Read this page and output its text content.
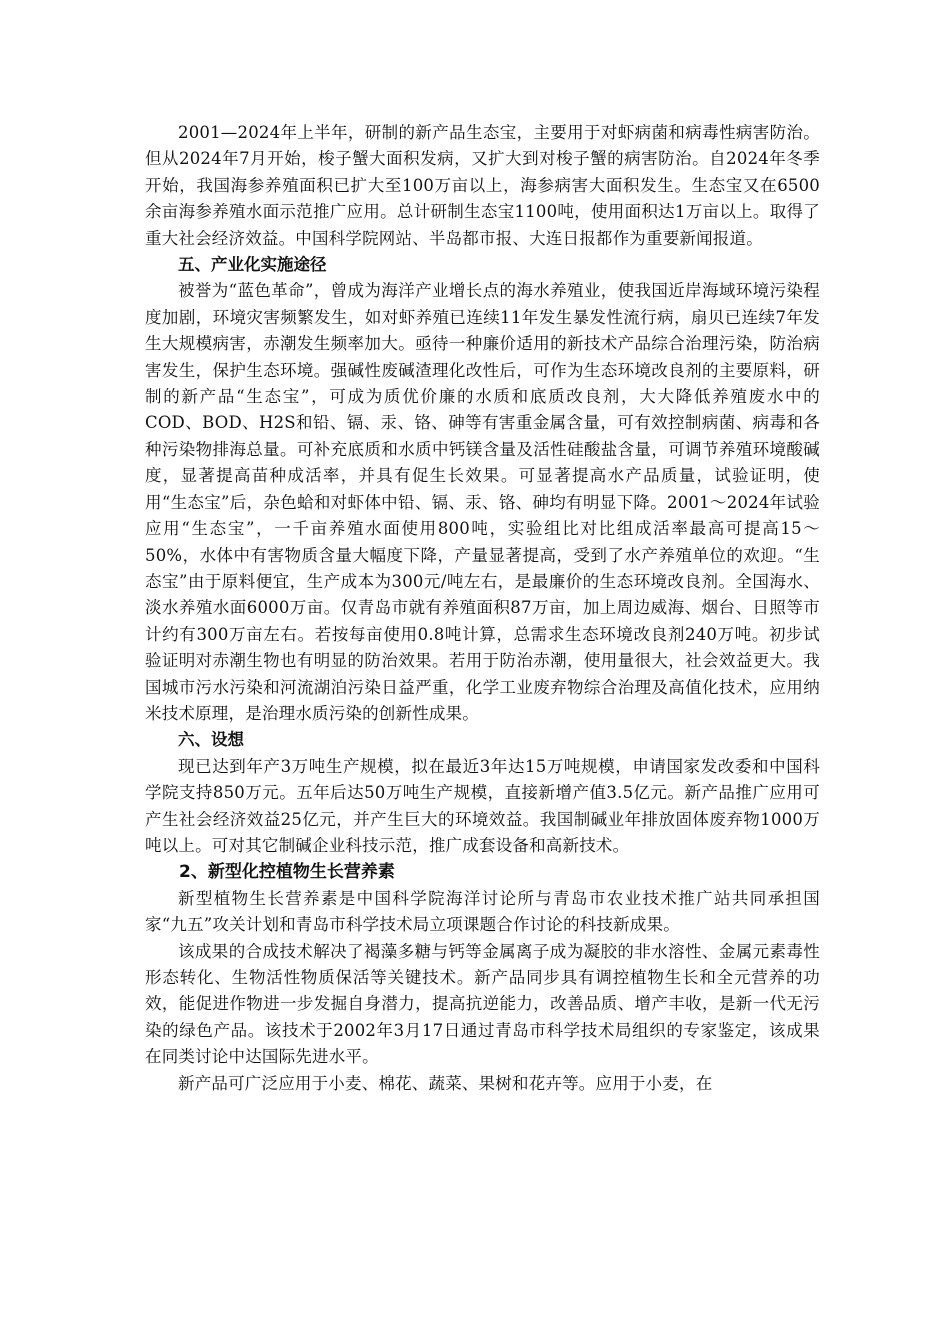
2001—2024年上半年，研制的新产品生态宝，主要用于对虾病菌和病毒性病害防治。但从2024年7月开始，梭子蟹大面积发病，又扩大到对梭子蟹的病害防治。自2024年冬季开始，我国海参养殖面积已扩大至100万亩以上，海参病害大面积发生。生态宝又在6500余亩海参养殖水面示范推广应用。总计研制生态宝1100吨，使用面积达1万亩以上。取得了重大社会经济效益。中国科学院网站、半岛都市报、大连日报都作为重要新闻报道。

五、产业化实施途径

被誉为“蓝色革命”，曾成为海洋产业增长点的海水养殖业，使我国近岸海域环境污染程度加剧，环境灾害频繁发生，如对虾养殖已连续11年发生暴发性流行病，扇贝已连续7年发生大规模病害，赤潮发生频率加大。亟待一种廉价适用的新技术产品综合治理污染，防治病害发生，保护生态环境。强碱性废碱渣理化改性后，可作为生态环境改良剂的主要原料，研制的新产品“生态宝”，可成为质优价廉的水质和底质改良剂，大大降低养殖废水中的COD、BOD、H2S和铅、镉、汞、铬、砷等有害重金属含量，可有效控制病菌、病毒和各种污染物排海总量。可补充底质和水质中钙镁含量及活性硅酸盐含量，可调节养殖环境酸碱度，显著提高苗种成活率，并具有促生长效果。可显著提高水产品质量，试验证明，使用“生态宝”后，杂色蛤和对虾体中铅、镉、汞、铬、砷均有明显下降。2001～2024年试验应用“生态宝”，一千亩养殖水面使用800吨，实验组比对比组成活率最高可提高15～50%，水体中有害物质含量大幅度下降，产量显著提高，受到了水产养殖单位的欢迎。“生态宝”由于原料便宜，生产成本为300元/吨左右，是最廉价的生态环境改良剂。全国海水、淡水养殖水面6000万亩。仅青岛市就有养殖面积87万亩，加上周边威海、烟台、日照等市计约有300万亩左右。若按每亩使用0.8吨计算，总需求生态环境改良剂240万吨。初步试验证明对赤潮生物也有明显的防治效果。若用于防治赤潮，使用量很大，社会效益更大。我国城市污水污染和河流湖泊污染日益严重，化学工业废弃物综合治理及高值化技术，应用纳米技术原理，是治理水质污染的创新性成果。

六、设想

现已达到年产3万吨生产规模，拟在最近3年达15万吨规模，申请国家发改委和中国科学院支持850万元。五年后达50万吨生产规模，直接新增产值3.5亿元。新产品推广应用可产生社会经济效益25亿元，并产生巨大的环境效益。我国制碱业年排放固体废弃物1000万吨以上。可对其它制碱企业科技示范，推广成套设备和高新技术。

2、新型化控植物生长营养素

新型植物生长营养素是中国科学院海洋讨论所与青岛市农业技术推广站共同承担国家“九五”攻关计划和青岛市科学技术局立项课题合作讨论的科技新成果。

该成果的合成技术解决了褐藻多糖与钙等金属离子成为凝胶的非水溶性、金属元素毒性形态转化、生物活性物质保活等关键技术。新产品同步具有调控植物生长和全元营养的功效，能促进作物进一步发掘自身潜力，提高抗逆能力，改善品质、增产丰收，是新一代无污染的绿色产品。该技术于2002年3月17日通过青岛市科学技术局组织的专家鉴定，该成果在同类讨论中达国际先进水平。

新产品可广泛应用于小麦、棉花、蔬菜、果树和花卉等。应用于小麦，在
